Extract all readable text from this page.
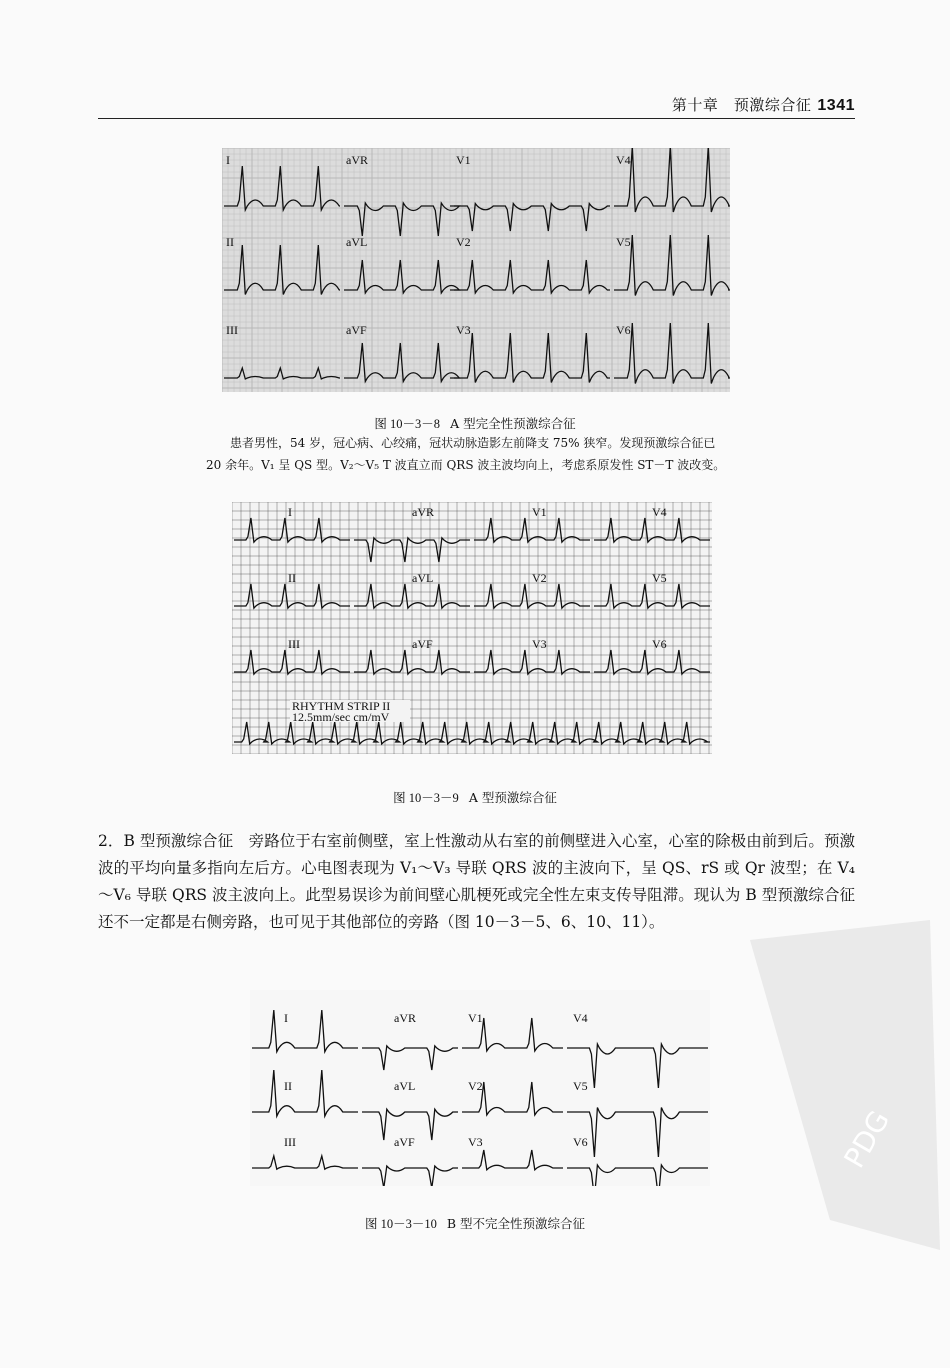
第十章　预激综合征 1341
I	aVR	V1	V4
II	aVL	V2	V5
III	aVF	V3	V6
图 10－3－8 A 型完全性预激综合征
患者男性，54 岁，冠心病、心绞痛，冠状动脉造影左前降支 75% 狭窄。发现预激综合征已
20 余年。V₁ 呈 QS 型。V₂～V₅ T 波直立而 QRS 波主波均向上，考虑系原发性 ST－T 波改变。
I	aVR	V1	V4
II	aVL	V2	V5
III	aVF	V3	V6
RHYTHM STRIP II
12.5mm/sec cm/mV
图 10－3－9 A 型预激综合征
2．B 型预激综合征　旁路位于右室前侧壁，室上性激动从右室的前侧壁进入心室，心室的除极由前到后。预激波的平均向量多指向左后方。心电图表现为 V₁～V₃ 导联 QRS 波的主波向下，呈 QS、rS 或 Qr 波型；在 V₄～V₆ 导联 QRS 波主波向上。此型易误诊为前间壁心肌梗死或完全性左束支传导阻滞。现认为 B 型预激综合征还不一定都是右侧旁路，也可见于其他部位的旁路（图 10－3－5、6、10、11）。
I	aVR	V1	V4
II	aVL	V2	V5
III	aVF	V3	V6
图 10－3－10 B 型不完全性预激综合征
PDG
